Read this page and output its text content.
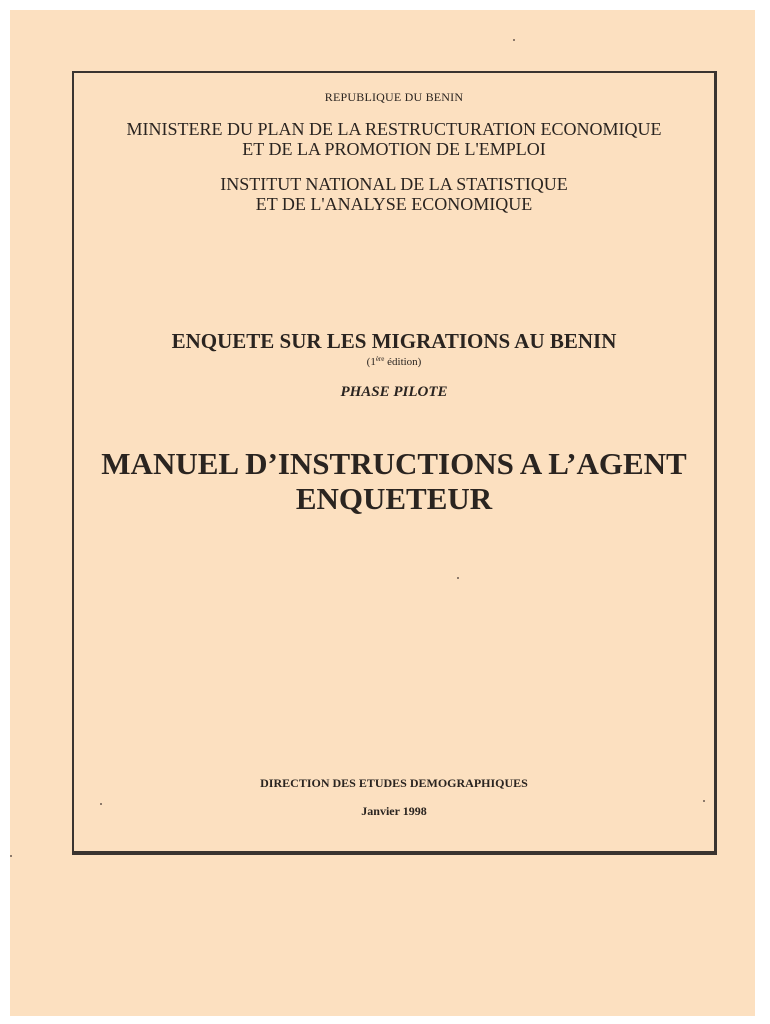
REPUBLIQUE DU BENIN
MINISTERE DU PLAN DE LA RESTRUCTURATION ECONOMIQUE
ET DE LA PROMOTION DE L'EMPLOI
INSTITUT NATIONAL DE LA STATISTIQUE
ET DE L'ANALYSE ECONOMIQUE
ENQUETE SUR LES MIGRATIONS AU BENIN
(1ère édition)
PHASE PILOTE
MANUEL D’INSTRUCTIONS A L’AGENT
ENQUETEUR
DIRECTION DES ETUDES DEMOGRAPHIQUES
Janvier 1998
